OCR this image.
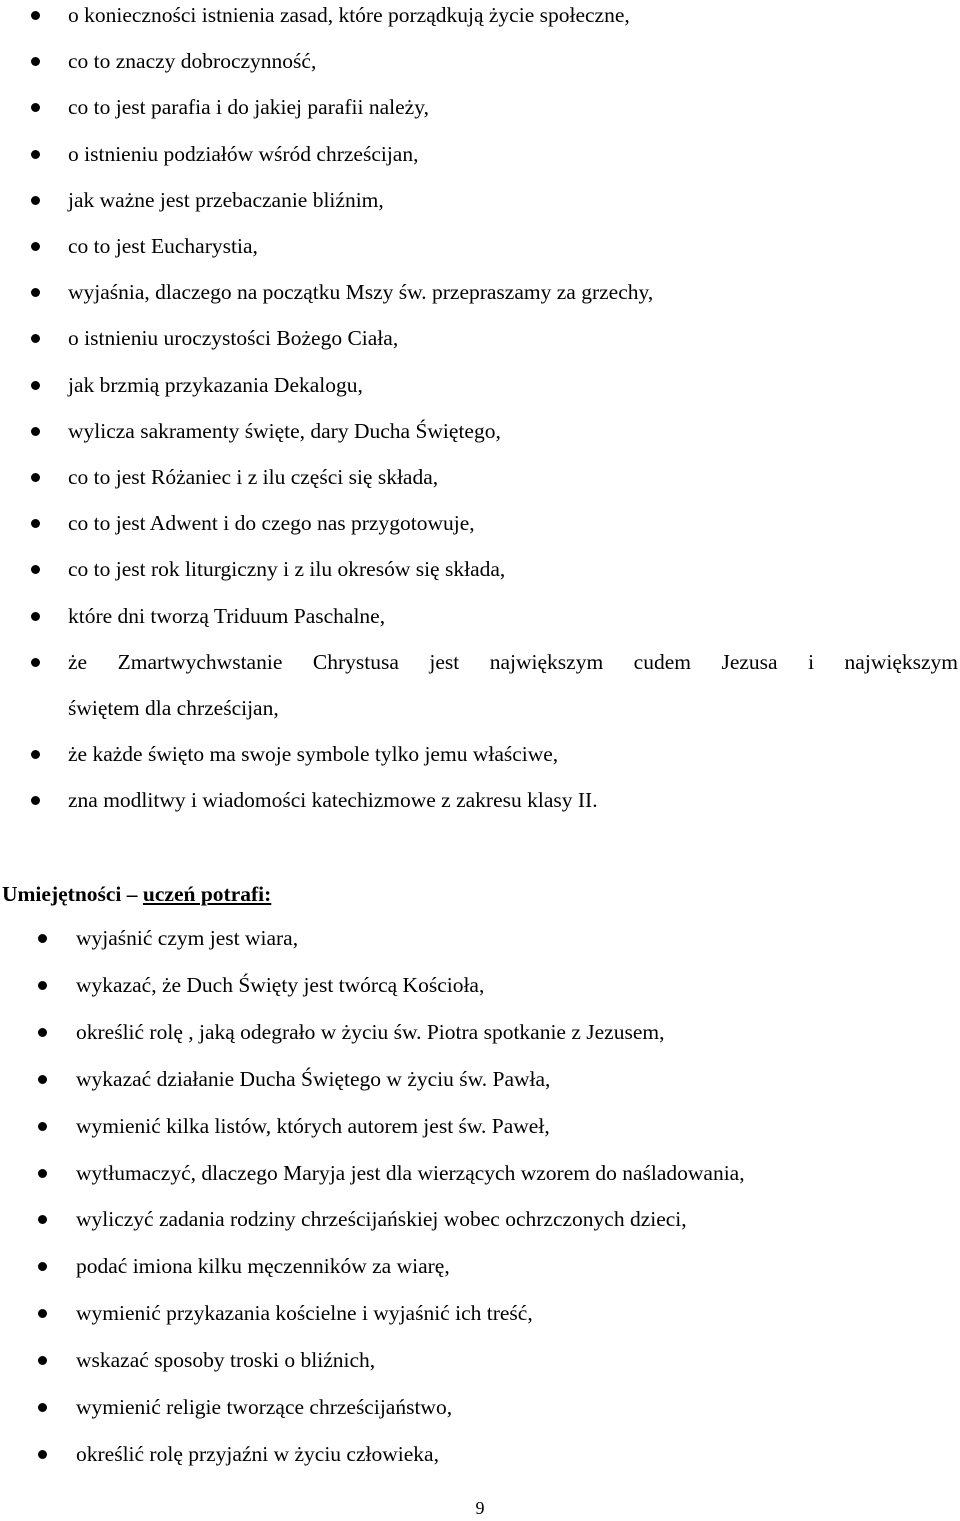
o konieczności istnienia zasad, które porządkują życie społeczne,
co to znaczy dobroczynność,
co to jest parafia i do jakiej parafii należy,
o istnieniu podziałów wśród chrześcijan,
jak ważne jest przebaczanie bliźnim,
co to jest Eucharystia,
wyjaśnia, dlaczego na początku Mszy św. przepraszamy za grzechy,
o istnieniu uroczystości Bożego Ciała,
jak brzmią przykazania Dekalogu,
wylicza sakramenty święte, dary Ducha Świętego,
co to jest Różaniec i z ilu części się składa,
co to jest Adwent i do czego nas przygotowuje,
co to jest rok liturgiczny i z ilu okresów się składa,
które dni tworzą Triduum Paschalne,
że Zmartwychwstanie Chrystusa jest największym cudem Jezusa i największym
świętem dla chrześcijan,
że każde święto ma swoje symbole tylko jemu właściwe,
zna modlitwy i wiadomości katechizmowe z zakresu klasy II.
Umiejętności – uczeń potrafi:
wyjaśnić czym jest wiara,
wykazać, że Duch Święty jest twórcą Kościoła,
określić rolę , jaką odegrało w życiu św. Piotra spotkanie z Jezusem,
wykazać działanie Ducha Świętego w życiu św. Pawła,
wymienić kilka listów, których autorem jest św. Paweł,
wytłumaczyć, dlaczego Maryja jest dla wierzących wzorem do naśladowania,
wyliczyć zadania rodziny chrześcijańskiej wobec ochrzczonych dzieci,
podać imiona kilku męczenników za wiarę,
wymienić przykazania kościelne i wyjaśnić ich treść,
wskazać sposoby troski o bliźnich,
wymienić religie tworzące chrześcijaństwo,
określić rolę przyjaźni w życiu człowieka,
9
